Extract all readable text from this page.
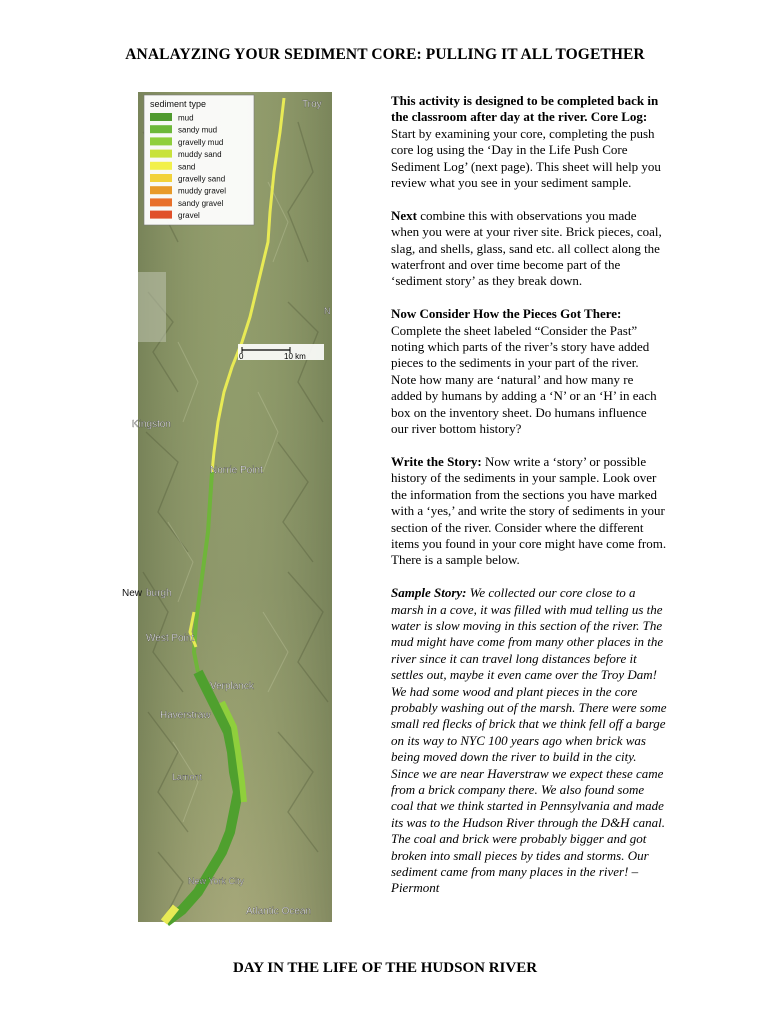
ANALAYZING YOUR SEDIMENT CORE: PULLING IT ALL TOGETHER
sediment type
mud
sandy mud
gravelly mud
muddy sand
sand
gravelly sand
muddy gravel
sandy gravel
gravel
0	10 km
Troy
N
Kingston
Norrie Point
New burgh
West Point
Verplanck
Haverstraw
Lamont
New York City
Atlantic Ocean

This activity is designed to be completed back in the classroom after day at the river. Core Log: Start by examining your core, completing the push core log using the ‘Day in the Life Push Core Sediment Log’ (next page). This sheet will help you review what you see in your sediment sample.

Next combine this with observations you made when you were at your river site. Brick pieces, coal, slag, and shells, glass, sand etc. all collect along the waterfront and over time become part of the ‘sediment story’ as they break down.

Now Consider How the Pieces Got There: Complete the sheet labeled “Consider the Past” noting which parts of the river’s story have added pieces to the sediments in your part of the river. Note how many are ‘natural’ and how many re added by humans by adding a ‘N’ or an ‘H’ in each box on the inventory sheet. Do humans influence our river bottom history?

Write the Story: Now write a ‘story’ or possible history of the sediments in your sample. Look over the information from the sections you have marked with a ‘yes,’ and write the story of sediments in your section of the river. Consider where the different items you found in your core might have come from. There is a sample below.

Sample Story: We collected our core close to a marsh in a cove, it was filled with mud telling us the water is slow moving in this section of the river. The mud might have come from many other places in the river since it can travel long distances before it settles out, maybe it even came over the Troy Dam! We had some wood and plant pieces in the core probably washing out of the marsh. There were some small red flecks of brick that we think fell off a barge on its way to NYC 100 years ago when brick was being moved down the river to build in the city. Since we are near Haverstraw we expect these came from a brick company there. We also found some coal that we think started in Pennsylvania and made its was to the Hudson River through the D&H canal. The coal and brick were probably bigger and got broken into small pieces by tides and storms. Our sediment came from many places in the river! –Piermont

DAY IN THE LIFE OF THE HUDSON RIVER
